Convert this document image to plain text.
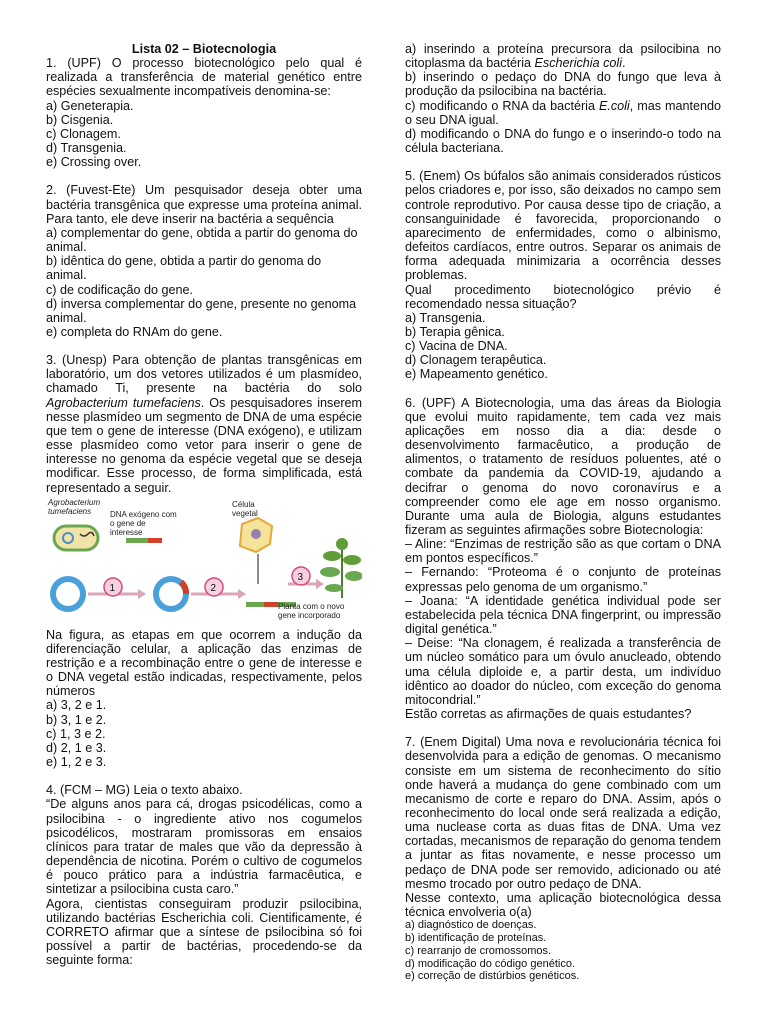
Lista 02 – Biotecnologia

1. (UPF) O processo biotecnológico pelo qual é realizada a transferência de material genético entre espécies sexualmente incompatíveis denomina-se:

a) Geneterapia.

b) Cisgenia.

c) Clonagem.

d) Transgenia.

e) Crossing over.

2. (Fuvest-Ete) Um pesquisador deseja obter uma bactéria transgênica que expresse uma proteína animal. Para tanto, ele deve inserir na bactéria a sequência

a) complementar do gene, obtida a partir do genoma do animal.

b) idêntica do gene, obtida a partir do genoma do animal.

c) de codificação do gene.

d) inversa complementar do gene, presente no genoma animal.

e) completa do RNAm do gene.

3. (Unesp) Para obtenção de plantas transgênicas em laboratório, um dos vetores utilizados é um plasmídeo, chamado Ti, presente na bactéria do solo Agrobacterium tumefaciens. Os pesquisadores inserem nesse plasmídeo um segmento de DNA de uma espécie que tem o gene de interesse (DNA exógeno), e utilizam esse plasmídeo como vetor para inserir o gene de interesse no genoma da espécie vegetal que se deseja modificar. Esse processo, de forma simplificada, está representado a seguir.

1	2
3
Agrobacterium tumefaciens	DNA exógeno com o gene de interesse
Célula vegetal
Planta com o novo gene incorporado

Na figura, as etapas em que ocorrem a indução da diferenciação celular, a aplicação das enzimas de restrição e a recombinação entre o gene de interesse e o DNA vegetal estão indicadas, respectivamente, pelos números

a) 3, 2 e 1.

b) 3, 1 e 2.

c) 1, 3 e 2.

d) 2, 1 e 3.

e) 1, 2 e 3.

4. (FCM – MG) Leia o texto abaixo.

“De alguns anos para cá, drogas psicodélicas, como a psilocibina - o ingrediente ativo nos cogumelos psicodélicos, mostraram promissoras em ensaios clínicos para tratar de males que vão da depressão à dependência de nicotina. Porém o cultivo de cogumelos é pouco prático para a indústria farmacêutica, e sintetizar a psilocibina custa caro.”

Agora, cientistas conseguiram produzir psilocibina, utilizando bactérias Escherichia coli. Cientificamente, é CORRETO afirmar que a síntese de psilocibina só foi possível a partir de bactérias, procedendo-se da seguinte forma:

a) inserindo a proteína precursora da psilocibina no citoplasma da bactéria Escherichia coli.

b) inserindo o pedaço do DNA do fungo que leva à produção da psilocibina na bactéria.

c) modificando o RNA da bactéria E.coli, mas mantendo o seu DNA igual.

d) modificando o DNA do fungo e o inserindo-o todo na célula bacteriana.

5. (Enem) Os búfalos são animais considerados rústicos pelos criadores e, por isso, são deixados no campo sem controle reprodutivo. Por causa desse tipo de criação, a consanguinidade é favorecida, proporcionando o aparecimento de enfermidades, como o albinismo, defeitos cardíacos, entre outros. Separar os animais de forma adequada minimizaria a ocorrência desses problemas.

Qual procedimento biotecnológico prévio é recomendado nessa situação?

a) Transgenia.

b) Terapia gênica.

c) Vacina de DNA.

d) Clonagem terapêutica.

e) Mapeamento genético.

6. (UPF) A Biotecnologia, uma das áreas da Biologia que evolui muito rapidamente, tem cada vez mais aplicações em nosso dia a dia: desde o desenvolvimento farmacêutico, a produção de alimentos, o tratamento de resíduos poluentes, até o combate da pandemia da COVID-19, ajudando a decifrar o genoma do novo coronavírus e a compreender como ele age em nosso organismo. Durante uma aula de Biologia, alguns estudantes fizeram as seguintes afirmações sobre Biotecnologia:

– Aline: “Enzimas de restrição são as que cortam o DNA em pontos específicos.”

– Fernando: “Proteoma é o conjunto de proteínas expressas pelo genoma de um organismo.”

– Joana: “A identidade genética individual pode ser estabelecida pela técnica DNA fingerprint, ou impressão digital genética.”

– Deise: “Na clonagem, é realizada a transferência de um núcleo somático para um óvulo anucleado, obtendo uma célula diploide e, a partir desta, um indivíduo idêntico ao doador do núcleo, com exceção do genoma mitocondrial.”

Estão corretas as afirmações de quais estudantes?

7. (Enem Digital) Uma nova e revolucionária técnica foi desenvolvida para a edição de genomas. O mecanismo consiste em um sistema de reconhecimento do sítio onde haverá a mudança do gene combinado com um mecanismo de corte e reparo do DNA. Assim, após o reconhecimento do local onde será realizada a edição, uma nuclease corta as duas fitas de DNA. Uma vez cortadas, mecanismos de reparação do genoma tendem a juntar as fitas novamente, e nesse processo um pedaço de DNA pode ser removido, adicionado ou até mesmo trocado por outro pedaço de DNA.

Nesse contexto, uma aplicação biotecnológica dessa técnica envolveria o(a)

a) diagnóstico de doenças.

b) identificação de proteínas.

c) rearranjo de cromossomos.

d) modificação do código genético.

e) correção de distúrbios genéticos.
